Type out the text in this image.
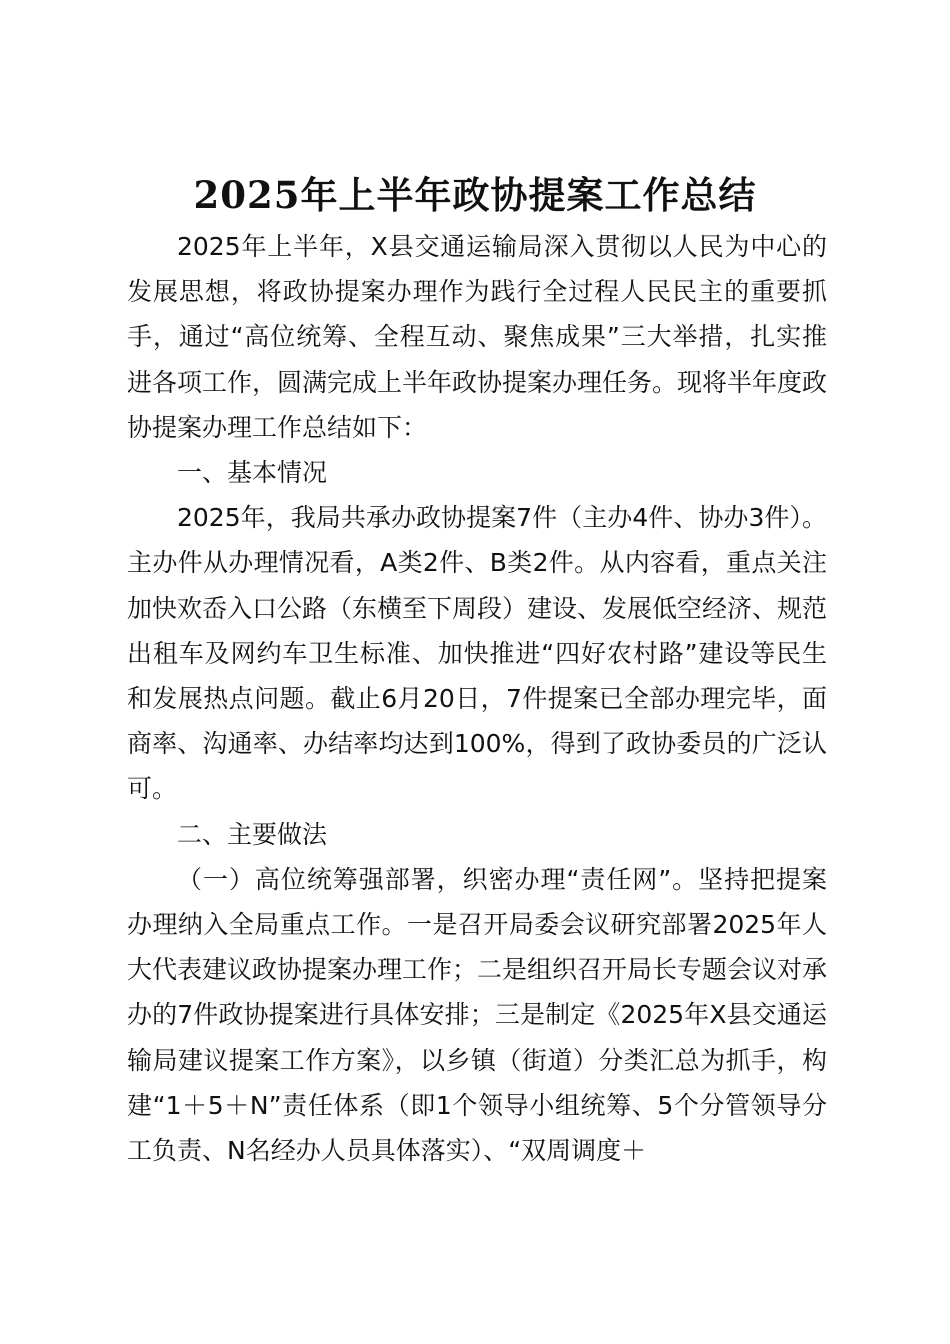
2025年上半年政协提案工作总结

2025年上半年，X县交通运输局深入贯彻以人民为中心的发展思想，将政协提案办理作为践行全过程人民民主的重要抓手，通过“高位统筹、全程互动、聚焦成果”三大举措，扎实推进各项工作，圆满完成上半年政协提案办理任务。现将半年度政协提案办理工作总结如下：

一、基本情况

2025年，我局共承办政协提案7件（主办4件、协办3件）。主办件从办理情况看，A类2件、B类2件。从内容看，重点关注加快欢岙入口公路（东横至下周段）建设、发展低空经济、规范出租车及网约车卫生标准、加快推进“四好农村路”建设等民生和发展热点问题。截止6月20日，7件提案已全部办理完毕，面商率、沟通率、办结率均达到100%，得到了政协委员的广泛认可。

二、主要做法

（一）高位统筹强部署，织密办理“责任网”。坚持把提案办理纳入全局重点工作。一是召开局委会议研究部署2025年人大代表建议政协提案办理工作；二是组织召开局长专题会议对承办的7件政协提案进行具体安排；三是制定《2025年X县交通运输局建议提案工作方案》，以乡镇（街道）分类汇总为抓手，构建“1＋5＋N”责任体系（即1个领导小组统筹、5个分管领导分工负责、N名经办人员具体落实）、“双周调度＋
